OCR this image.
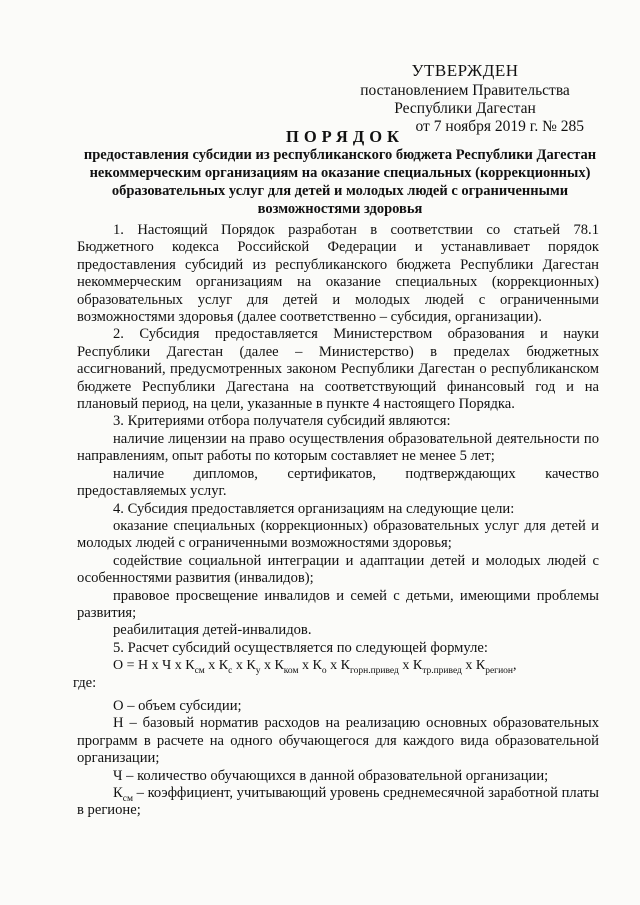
УТВЕРЖДЕН
постановлением Правительства
Республики Дагестан
от 7 ноября 2019 г. № 285
ПОРЯДОК
предоставления субсидии из республиканского бюджета Республики Дагестан некоммерческим организациям на оказание специальных (коррекционных) образовательных услуг для детей и молодых людей с ограниченными возможностями здоровья

1. Настоящий Порядок разработан в соответствии со статьей 78.1 Бюджетного кодекса Российской Федерации и устанавливает порядок предоставления субсидий из республиканского бюджета Республики Дагестан некоммерческим организациям на оказание специальных (коррекционных) образовательных услуг для детей и молодых людей с ограниченными возможностями здоровья (далее соответственно – субсидия, организации).

2. Субсидия предоставляется Министерством образования и науки Республики Дагестан (далее – Министерство) в пределах бюджетных ассигнований, предусмотренных законом Республики Дагестан о республиканском бюджете Республики Дагестана на соответствующий финансовый год и на плановый период, на цели, указанные в пункте 4 настоящего Порядка.

3. Критериями отбора получателя субсидий являются:

наличие лицензии на право осуществления образовательной деятельности по направлениям, опыт работы по которым составляет не менее 5 лет;

наличие дипломов, сертификатов, подтверждающих качество предоставляемых услуг.

4. Субсидия предоставляется организациям на следующие цели:

оказание специальных (коррекционных) образовательных услуг для детей и молодых людей с ограниченными возможностями здоровья;

содействие социальной интеграции и адаптации детей и молодых людей с особенностями развития (инвалидов);

правовое просвещение инвалидов и семей с детьми, имеющими проблемы развития;

реабилитация детей-инвалидов.

5. Расчет субсидий осуществляется по следующей формуле:

О = Н х Ч х $К_{см}$ х $К_с$ х $К_у$ х $К_{ком}$ х $К_о$ х $К_{горн.привед}$ х $К_{тр.привед}$ х $К_{регион}$,

где:

О – объем субсидии;

Н – базовый норматив расходов на реализацию основных образовательных программ в расчете на одного обучающегося для каждого вида образовательной организации;

Ч – количество обучающихся в данной образовательной организации;

$К_{см}$ – коэффициент, учитывающий уровень среднемесячной заработной платы в регионе;
